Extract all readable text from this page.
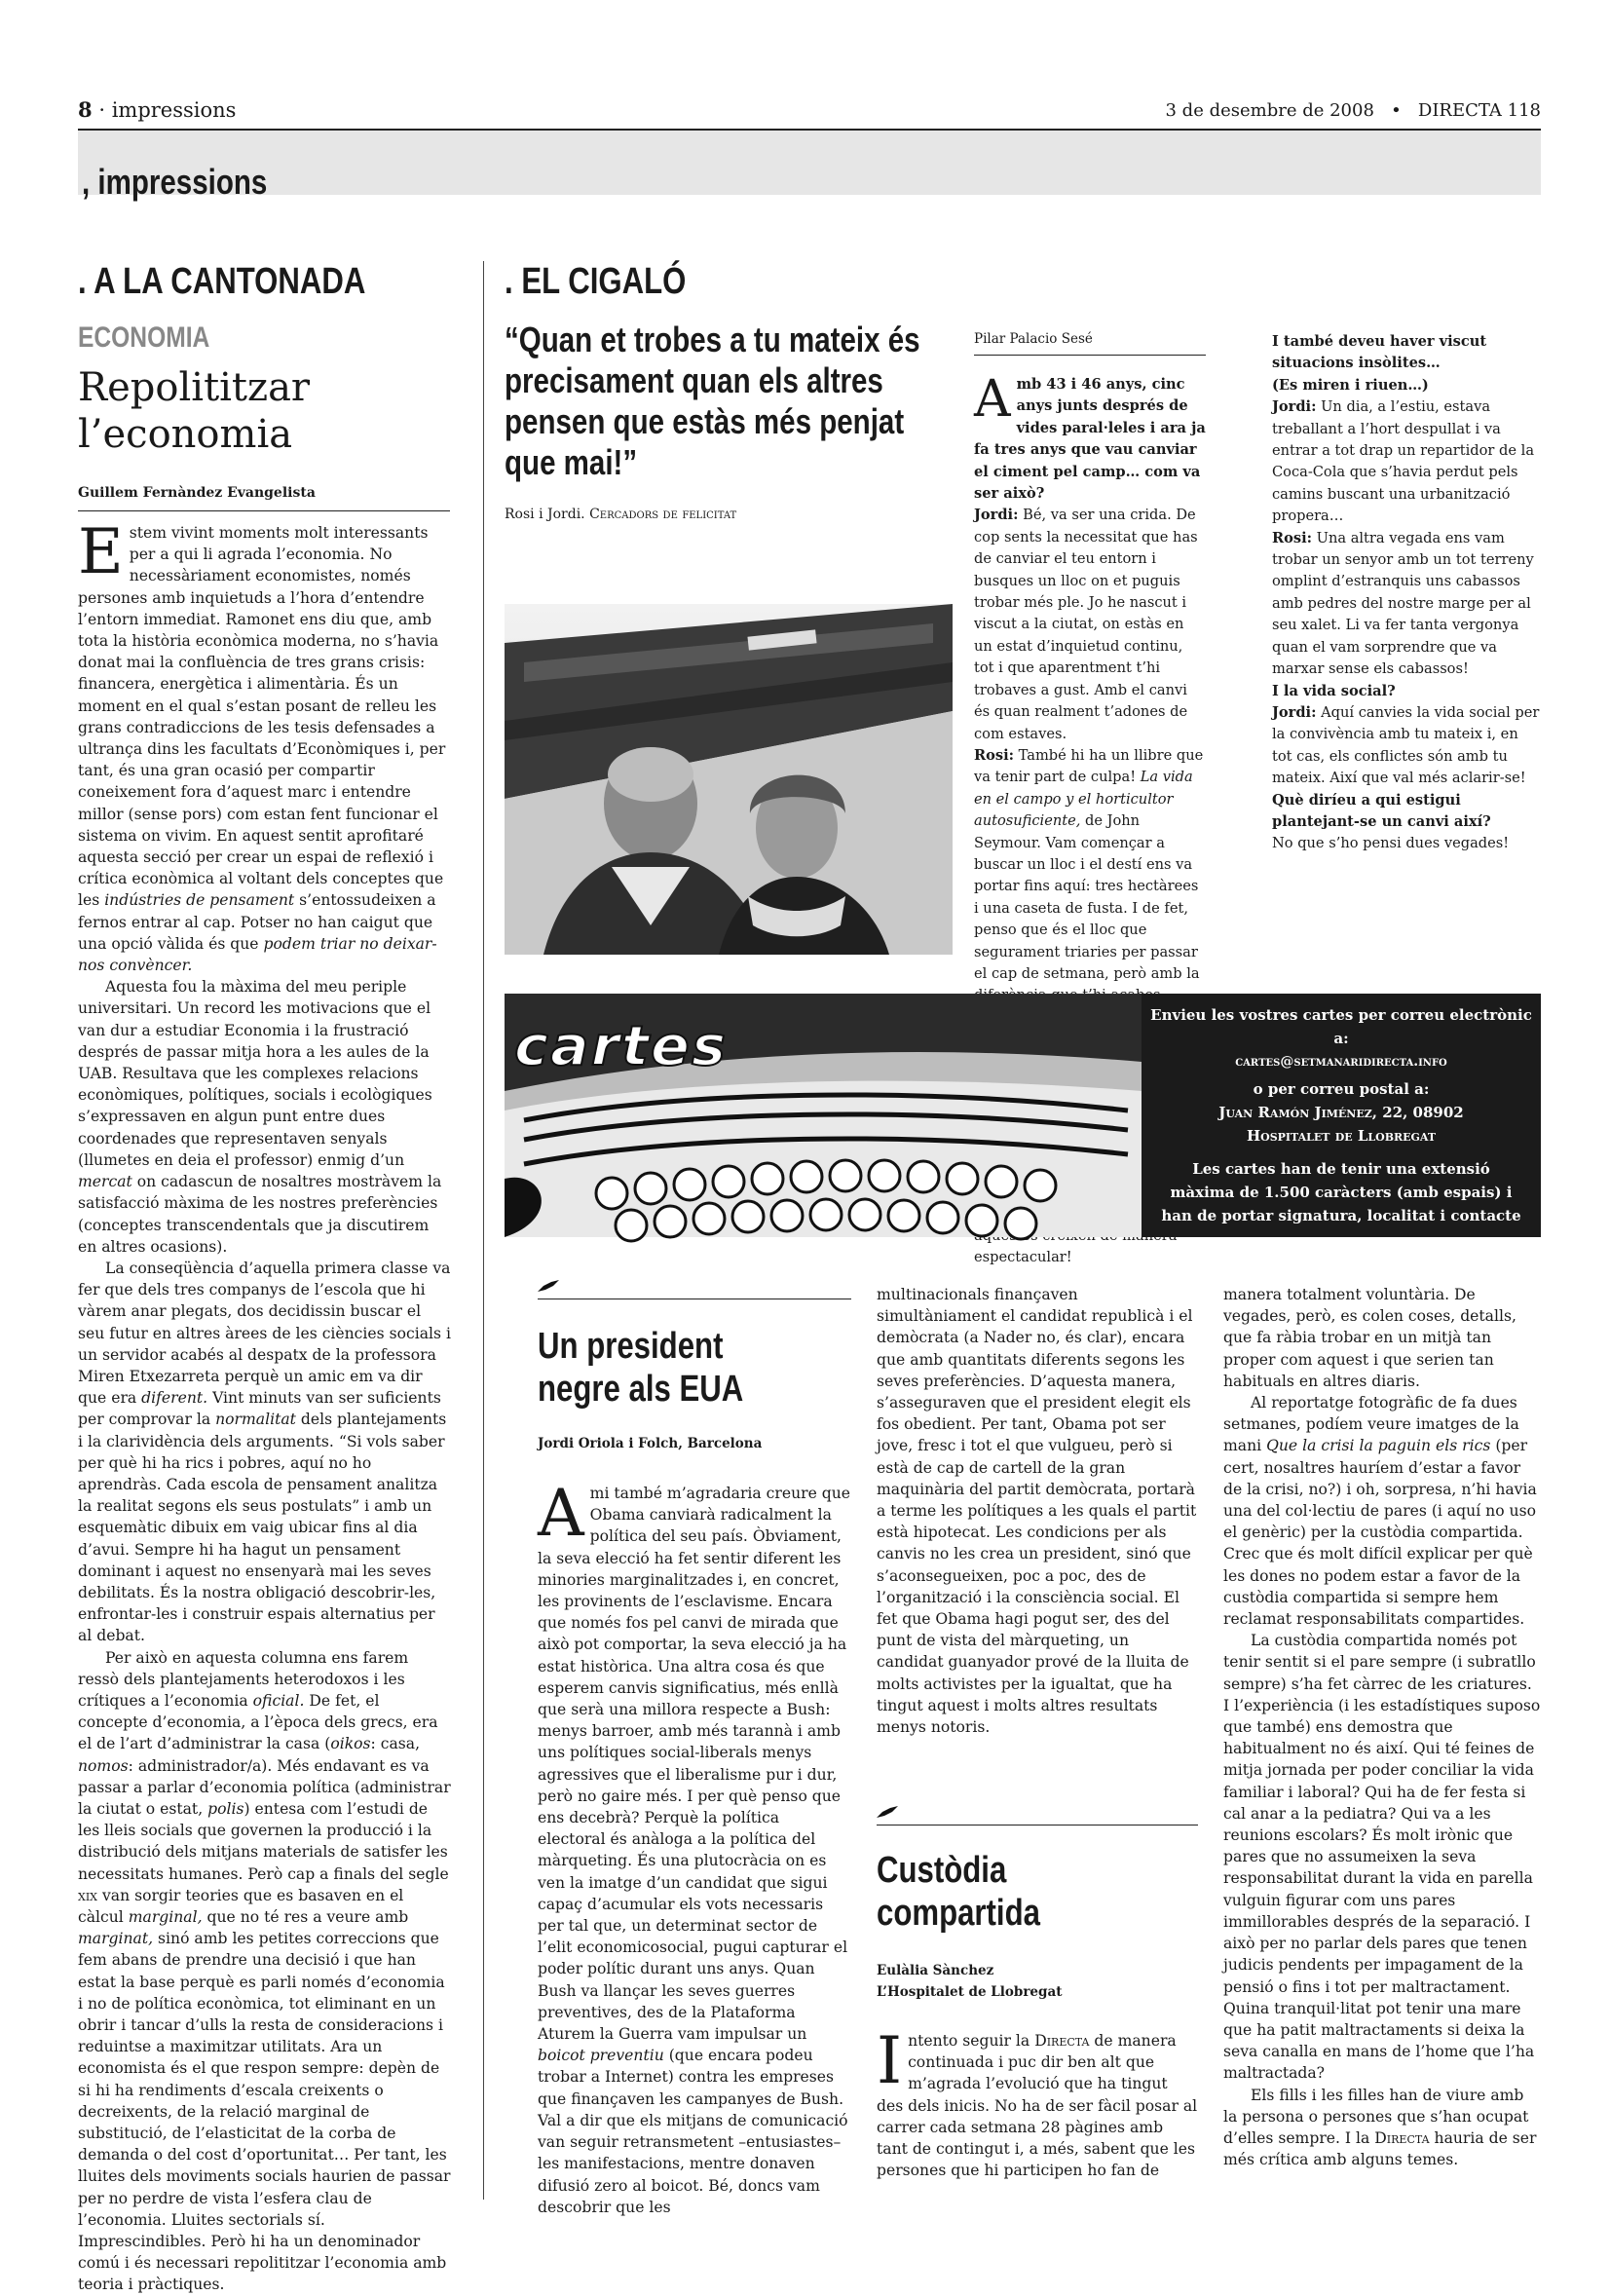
8 · impressions	3 de desembre de 2008 • DIRECTA 118
, impressions
. A LA CANTONADA
ECONOMIA
Repolititzar
l’economia
Guillem Fernàndez Evangelista

Estem vivint moments molt interessants per a qui li agrada l’economia. No necessàriament economistes, només persones amb inquietuds a l’hora d’entendre l’entorn immediat. Ramonet ens diu que, amb tota la història econòmica moderna, no s’havia donat mai la confluència de tres grans crisis: financera, energètica i alimentària. És un moment en el qual s’estan posant de relleu les grans contradiccions de les tesis defensades a ultrança dins les facultats d’Econòmiques i, per tant, és una gran ocasió per compartir coneixement fora d’aquest marc i entendre millor (sense pors) com estan fent funcionar el sistema on vivim. En aquest sentit aprofitaré aquesta secció per crear un espai de reflexió i crítica econòmica al voltant dels conceptes que les indústries de pensament s’entossudeixen a fernos entrar al cap. Potser no han caigut que una opció vàlida és que podem triar no deixar-nos convèncer.

Aquesta fou la màxima del meu periple universitari. Un record les motivacions que el van dur a estudiar Economia i la frustració després de passar mitja hora a les aules de la UAB. Resultava que les complexes relacions econòmiques, polítiques, socials i ecològiques s’expressaven en algun punt entre dues coordenades que representaven senyals (llumetes en deia el professor) enmig d’un mercat on cadascun de nosaltres mostràvem la satisfacció màxima de les nostres preferències (conceptes transcendentals que ja discutirem en altres ocasions).

La conseqüència d’aquella primera classe va fer que dels tres companys de l’escola que hi vàrem anar plegats, dos decidissin buscar el seu futur en altres àrees de les ciències socials i un servidor acabés al despatx de la professora Miren Etxezarreta perquè un amic em va dir que era diferent. Vint minuts van ser suficients per comprovar la normalitat dels plantejaments i la clarividència dels arguments. “Si vols saber per què hi ha rics i pobres, aquí no ho aprendràs. Cada escola de pensament analitza la realitat segons els seus postulats” i amb un esquemàtic dibuix em vaig ubicar fins al dia d’avui. Sempre hi ha hagut un pensament dominant i aquest no ensenyarà mai les seves debilitats. És la nostra obligació descobrir-les, enfrontar-les i construir espais alternatius per al debat.

Per això en aquesta columna ens farem ressò dels plantejaments heterodoxos i les crítiques a l’economia oficial. De fet, el concepte d’economia, a l’època dels grecs, era el de l’art d’administrar la casa (oikos: casa, nomos: administrador/a). Més endavant es va passar a parlar d’economia política (administrar la ciutat o estat, polis) entesa com l’estudi de les lleis socials que governen la producció i la distribució dels mitjans materials de satisfer les necessitats humanes. Però cap a finals del segle xix van sorgir teories que es basaven en el càlcul marginal, que no té res a veure amb marginat, sinó amb les petites correccions que fem abans de prendre una decisió i que han estat la base perquè es parli només d’economia i no de política econòmica, tot eliminant en un obrir i tancar d’ulls la resta de consideracions i reduintse a maximitzar utilitats. Ara un economista és el que respon sempre: depèn de si hi ha rendiments d’escala creixents o decreixents, de la relació marginal de substitució, de l’elasticitat de la corba de demanda o del cost d’oportunitat… Per tant, les lluites dels moviments socials haurien de passar per no perdre de vista l’esfera clau de l’economia. Lluites sectorials sí. Imprescindibles. Però hi ha un denominador comú i és necessari repolititzar l’economia amb teoria i pràctiques.

. EL CIGALÓ
“Quan et trobes a tu mateix és precisament quan els altres pensen que estàs més penjat que mai!”
Rosi i Jordi. Cercadors de felicitat
Pilar Palacio Sesé

Amb 43 i 46 anys, cinc anys junts després de vides paral·leles i ara ja fa tres anys que vau canviar el ciment pel camp… com va ser això?

Jordi: Bé, va ser una crida. De cop sents la necessitat que has de canviar el teu entorn i busques un lloc on et puguis trobar més ple. Jo he nascut i viscut a la ciutat, on estàs en un estat d’inquietud continu, tot i que aparentment t’hi trobaves a gust. Amb el canvi és quan realment t’adones de com estaves.

Rosi: També hi ha un llibre que va tenir part de culpa! La vida en el campo y el horticultor autosuficiente, de John Seymour. Vam començar a buscar un lloc i el destí ens va portar fins aquí: tres hectàrees i una caseta de fusta. I de fet, penso que és el lloc que segurament triaries per passar el cap de setmana, però amb la

espectacular!

I també deveu haver viscut situacions insòlites…

(Es miren i riuen…)

Jordi: Un dia, a l’estiu, estava treballant a l’hort despullat i va entrar a tot drap un repartidor de la Coca-Cola que s’havia perdut pels camins buscant una urbanització propera…

Rosi: Una altra vegada ens vam trobar un senyor amb un tot terreny omplint d’estranquis uns cabassos amb pedres del nostre marge per al seu xalet. Li va fer tanta vergonya quan el vam sorprendre que va marxar sense els cabassos!

I la vida social?

Jordi: Aquí canvies la vida social per la convivència amb tu mateix i, en tot cas, els conflictes són amb tu mateix. Així que val més aclarir-se!

Què diríeu a qui estigui plantejant-se un canvi així?

No que s’ho pensi dues vegades!

cartes	Envieu les vostres cartes per correu electrònic a:
cartes@setmanaridirecta.info
o per correu postal a:
Juan Ramón Jiménez, 22, 08902
Hospitalet de Llobregat
Les cartes han de tenir una extensió màxima de 1.500 caràcters (amb espais) i han de portar signatura, localitat i contacte
Un president
negre als EUA
Jordi Oriola i Folch, Barcelona

Ami també m’agradaria creure que Obama canviarà radicalment la política del seu país. Òbviament, la seva elecció ha fet sentir diferent les minories marginalitzades i, en concret, les provinents de l’esclavisme. Encara que només fos pel canvi de mirada que això pot comportar, la seva elecció ja ha estat històrica. Una altra cosa és que esperem canvis significatius, més enllà que serà una millora respecte a Bush: menys barroer, amb més tarannà i amb uns polítiques social-liberals menys agressives que el liberalisme pur i dur, però no gaire més. I per què penso que ens decebrà? Perquè la política electoral és anàloga a la política del màrqueting. És una plutocràcia on es ven la imatge d’un candidat que sigui capaç d’acumular els vots necessaris per tal que, un determinat sector de l’elit economicosocial, pugui capturar el poder polític durant uns anys. Quan Bush va llançar les seves guerres preventives, des de la Plataforma Aturem la Guerra vam impulsar un boicot preventiu (que encara podeu trobar a Internet) contra les empreses que finançaven les campanyes de Bush. Val a dir que els mitjans de comunicació van seguir retransmetent –entusiastes– les manifestacions, mentre donaven difusió zero al boicot. Bé, doncs vam descobrir que les

multinacionals finançaven simultàniament el candidat republicà i el demòcrata (a Nader no, és clar), encara que amb quantitats diferents segons les seves preferències. D’aquesta manera, s’asseguraven que el president elegit els fos obedient. Per tant, Obama pot ser jove, fresc i tot el que vulgueu, però si està de cap de cartell de la gran maquinària del partit demòcrata, portarà a terme les polítiques a les quals el partit està hipotecat. Les condicions per als canvis no les crea un president, sinó que s’aconsegueixen, poc a poc, des de l’organització i la consciència social. El fet que Obama hagi pogut ser, des del punt de vista del màrqueting, un candidat guanyador prové de la lluita de molts activistes per la igualtat, que ha tingut aquest i molts altres resultats menys notoris.

Custòdia
compartida
Eulàlia Sànchez
L’Hospitalet de Llobregat

Intento seguir la Directa de manera continuada i puc dir ben alt que m’agrada l’evolució que ha tingut des dels inicis. No ha de ser fàcil posar al carrer cada setmana 28 pàgines amb tant de contingut i, a més, sabent que les persones que hi participen ho fan de

manera totalment voluntària. De vegades, però, es colen coses, detalls, que fa ràbia trobar en un mitjà tan proper com aquest i que serien tan habituals en altres diaris.

Al reportatge fotogràfic de fa dues setmanes, podíem veure imatges de la mani Que la crisi la paguin els rics (per cert, nosaltres hauríem d’estar a favor de la crisi, no?) i oh, sorpresa, n’hi havia una del col·lectiu de pares (i aquí no uso el genèric) per la custòdia compartida. Crec que és molt difícil explicar per què les dones no podem estar a favor de la custòdia compartida si sempre hem reclamat responsabilitats compartides.

La custòdia compartida només pot tenir sentit si el pare sempre (i subratllo sempre) s’ha fet càrrec de les criatures. I l’experiència (i les estadístiques suposo que també) ens demostra que habitualment no és així. Qui té feines de mitja jornada per poder conciliar la vida familiar i laboral? Qui ha de fer festa si cal anar a la pediatra? Qui va a les reunions escolars? És molt irònic que pares que no assumeixen la seva responsabilitat durant la vida en parella vulguin figurar com uns pares immillorables després de la separació. I això per no parlar dels pares que tenen judicis pendents per impagament de la pensió o fins i tot per maltractament. Quina tranquil·litat pot tenir una mare que ha patit maltractaments si deixa la seva canalla en mans de l’home que l’ha maltractada?

Els fills i les filles han de viure amb la persona o persones que s’han ocupat d’elles sempre. I la Directa hauria de ser més crítica amb alguns temes.
